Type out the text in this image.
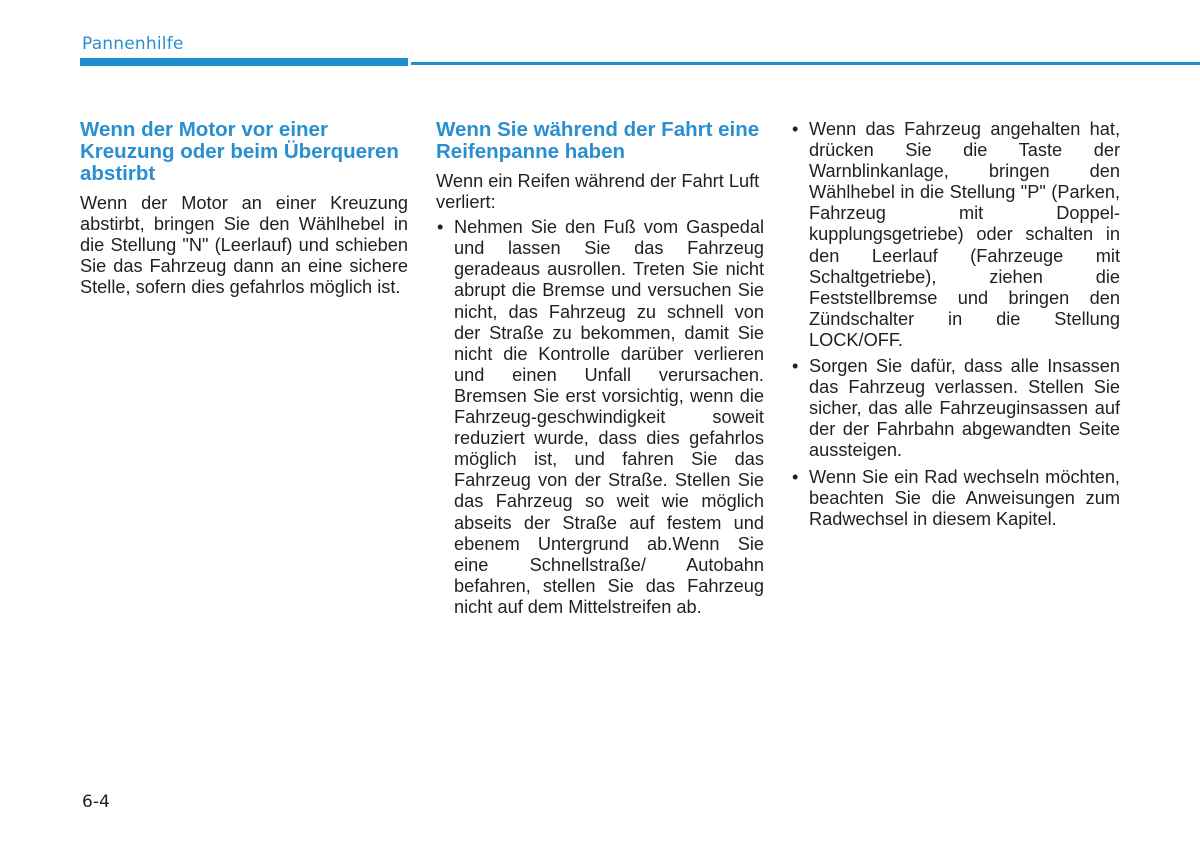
Pannenhilfe
Wenn der Motor vor einer Kreuzung oder beim Überqueren abstirbt

Wenn der Motor an einer Kreuzung abstirbt, bringen Sie den Wählhebel in die Stellung "N" (Leerlauf) und schieben Sie das Fahrzeug dann an eine sichere Stelle, sofern dies gefahrlos möglich ist.

Wenn Sie während der Fahrt eine Reifenpanne haben

Wenn ein Reifen während der Fahrt Luft verliert:

• Nehmen Sie den Fuß vom Gaspedal und lassen Sie das Fahrzeug geradeaus ausrollen. Treten Sie nicht abrupt die Bremse und versuchen Sie nicht, das Fahrzeug zu schnell von der Straße zu bekommen, damit Sie nicht die Kontrolle darüber verlieren und einen Unfall verursachen. Bremsen Sie erst vorsichtig, wenn die Fahrzeug-geschwindigkeit soweit reduziert wurde, dass dies gefahrlos möglich ist, und fahren Sie das Fahrzeug von der Straße. Stellen Sie das Fahrzeug so weit wie möglich abseits der Straße auf festem und ebenem Untergrund ab.Wenn Sie eine Schnellstraße/ Autobahn befahren, stellen Sie das Fahrzeug nicht auf dem Mittelstreifen ab.
• Wenn das Fahrzeug angehalten hat, drücken Sie die Taste der Warnblinkanlage, bringen den Wählhebel in die Stellung "P" (Parken, Fahrzeug mit Doppel-kupplungsgetriebe) oder schalten in den Leerlauf (Fahrzeuge mit Schaltgetriebe), ziehen die Feststellbremse und bringen den Zündschalter in die Stellung LOCK/OFF.
• Sorgen Sie dafür, dass alle Insassen das Fahrzeug verlassen. Stellen Sie sicher, das alle Fahrzeuginsassen auf der der Fahrbahn abgewandten Seite aussteigen.
• Wenn Sie ein Rad wechseln möchten, beachten Sie die Anweisungen zum Radwechsel in diesem Kapitel.
6-4
